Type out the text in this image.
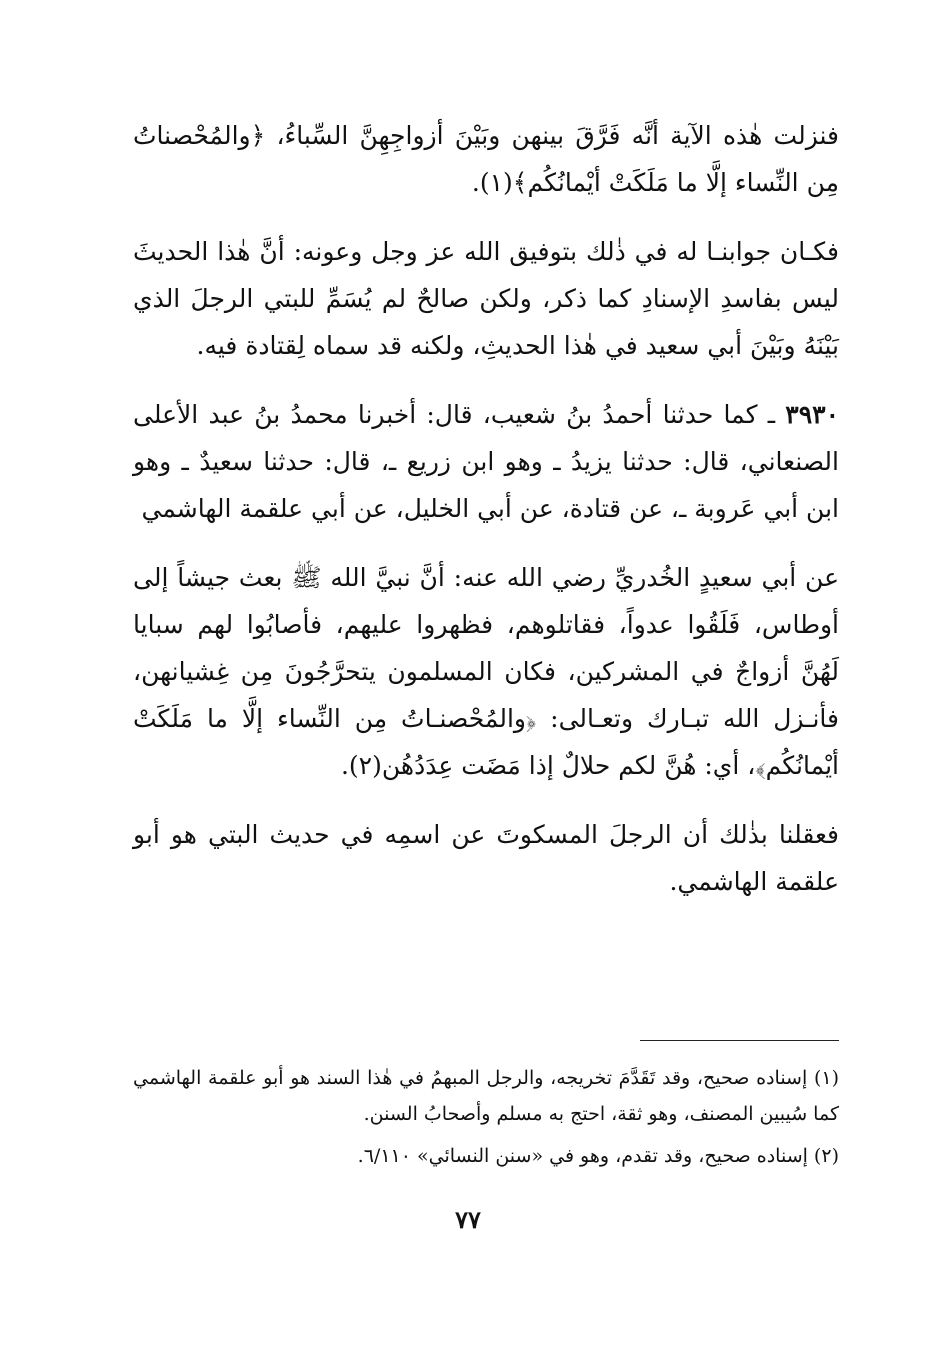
فنزلت هٰذه الآية أنَّه فَرَّقَ بينهن وبَيْنَ أزواجِهِنَّ السِّباءُ، ﴿والمُحْصناتُ مِن النِّساء إلَّا ما مَلَكَتْ أيْمانُكُم﴾(١).

فكـان جوابنـا له في ذٰلك بتوفيق الله عز وجل وعونه: أنَّ هٰذا الحديثَ ليس بفاسدِ الإسنادِ كما ذكر، ولكن صالحٌ لم يُسَمِّ للبتي الرجلَ الذي بَيْنَهُ وبَيْنَ أبي سعيد في هٰذا الحديثِ، ولكنه قد سماه لِقتادة فيه.

٣٩٣٠ ـ كما حدثنا أحمدُ بنُ شعيب، قال: أخبرنا محمدُ بنُ عبد الأعلى الصنعاني، قال: حدثنا يزيدُ ـ وهو ابن زريع ـ، قال: حدثنا سعيدٌ ـ وهو ابن أبي عَروبة ـ، عن قتادة، عن أبي الخليل، عن أبي علقمة الهاشمي

عن أبي سعيدٍ الخُدريِّ رضي الله عنه: أنَّ نبيَّ الله ﷺ بعث جيشاً إلى أوطاس، فَلَقُوا عدواً، فقاتلوهم، فظهروا عليهم، فأصابُوا لهم سبايا لَهُنَّ أزواجٌ في المشركين، فكان المسلمون يتحرَّجُونَ مِن غِشيانهن، فأنـزل الله تبـارك وتعـالى: ﴿والمُحْصنـاتُ مِن النِّساء إلَّا ما مَلَكَتْ أيْمانُكُم﴾، أي: هُنَّ لكم حلالٌ إذا مَضَت عِدَدُهُن(٢).

فعقلنا بذٰلك أن الرجلَ المسكوتَ عن اسمِه في حديث البتي هو أبو علقمة الهاشمي.

(١) إسناده صحيح، وقد تَقَدَّمَ تخريجه، والرجل المبهمُ في هٰذا السند هو أبو علقمة الهاشمي كما سُيبين المصنف، وهو ثقة، احتج به مسلم وأصحابُ السنن.

(٢) إسناده صحيح، وقد تقدم، وهو في «سنن النسائي» ٦/١١٠.

٧٧
